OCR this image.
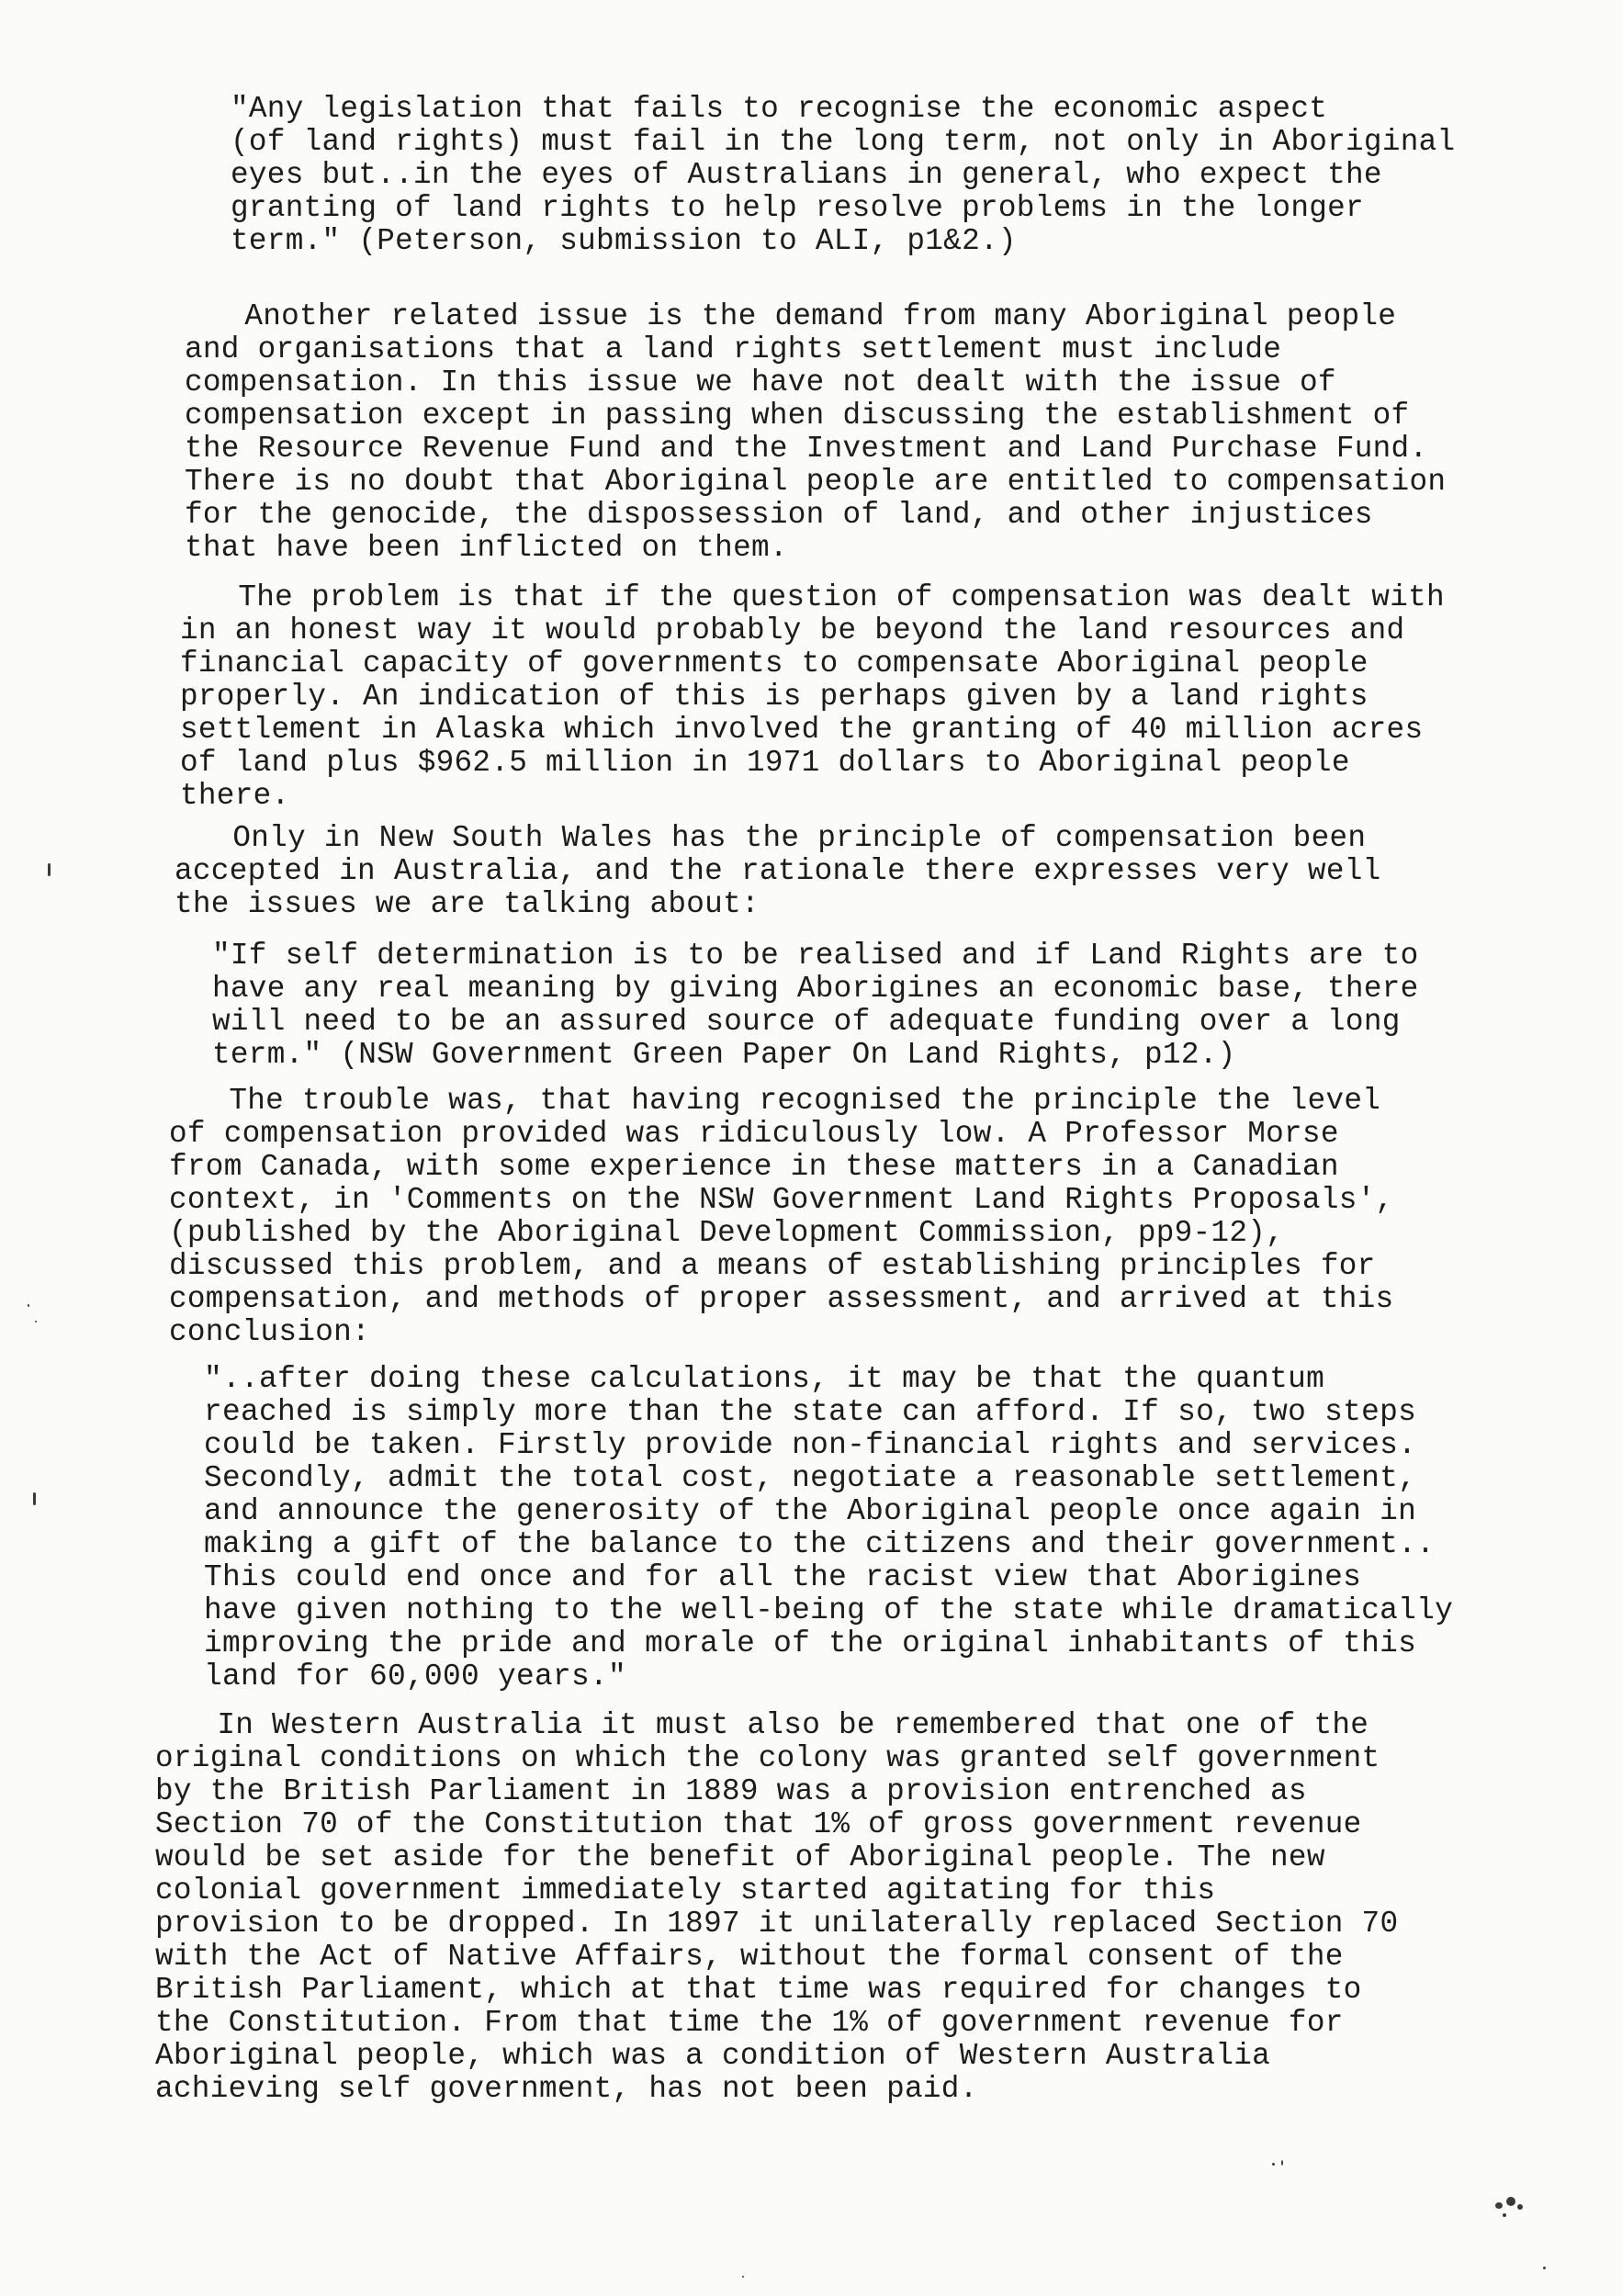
"Any legislation that fails to recognise the economic aspect
(of land rights) must fail in the long term, not only in Aboriginal
eyes but..in the eyes of Australians in general, who expect the
granting of land rights to help resolve problems in the longer
term." (Peterson, submission to ALI, p1&2.)
Another related issue is the demand from many Aboriginal people
and organisations that a land rights settlement must include
compensation. In this issue we have not dealt with the issue of
compensation except in passing when discussing the establishment of
the Resource Revenue Fund and the Investment and Land Purchase Fund.
There is no doubt that Aboriginal people are entitled to compensation
for the genocide, the dispossession of land, and other injustices
that have been inflicted on them.
The problem is that if the question of compensation was dealt with
in an honest way it would probably be beyond the land resources and
financial capacity of governments to compensate Aboriginal people
properly. An indication of this is perhaps given by a land rights
settlement in Alaska which involved the granting of 40 million acres
of land plus $962.5 million in 1971 dollars to Aboriginal people
there.
Only in New South Wales has the principle of compensation been
accepted in Australia, and the rationale there expresses very well
the issues we are talking about:
"If self determination is to be realised and if Land Rights are to
have any real meaning by giving Aborigines an economic base, there
will need to be an assured source of adequate funding over a long
term." (NSW Government Green Paper On Land Rights, p12.)
The trouble was, that having recognised the principle the level
of compensation provided was ridiculously low. A Professor Morse
from Canada, with some experience in these matters in a Canadian
context, in 'Comments on the NSW Government Land Rights Proposals',
(published by the Aboriginal Development Commission, pp9-12),
discussed this problem, and a means of establishing principles for
compensation, and methods of proper assessment, and arrived at this
conclusion:
"..after doing these calculations, it may be that the quantum
reached is simply more than the state can afford. If so, two steps
could be taken. Firstly provide non-financial rights and services.
Secondly, admit the total cost, negotiate a reasonable settlement,
and announce the generosity of the Aboriginal people once again in
making a gift of the balance to the citizens and their government..
This could end once and for all the racist view that Aborigines
have given nothing to the well-being of the state while dramatically
improving the pride and morale of the original inhabitants of this
land for 60,000 years."
In Western Australia it must also be remembered that one of the
original conditions on which the colony was granted self government
by the British Parliament in 1889 was a provision entrenched as
Section 70 of the Constitution that 1% of gross government revenue
would be set aside for the benefit of Aboriginal people. The new
colonial government immediately started agitating for this
provision to be dropped. In 1897 it unilaterally replaced Section 70
with the Act of Native Affairs, without the formal consent of the
British Parliament, which at that time was required for changes to
the Constitution. From that time the 1% of government revenue for
Aboriginal people, which was a condition of Western Australia
achieving self government, has not been paid.
